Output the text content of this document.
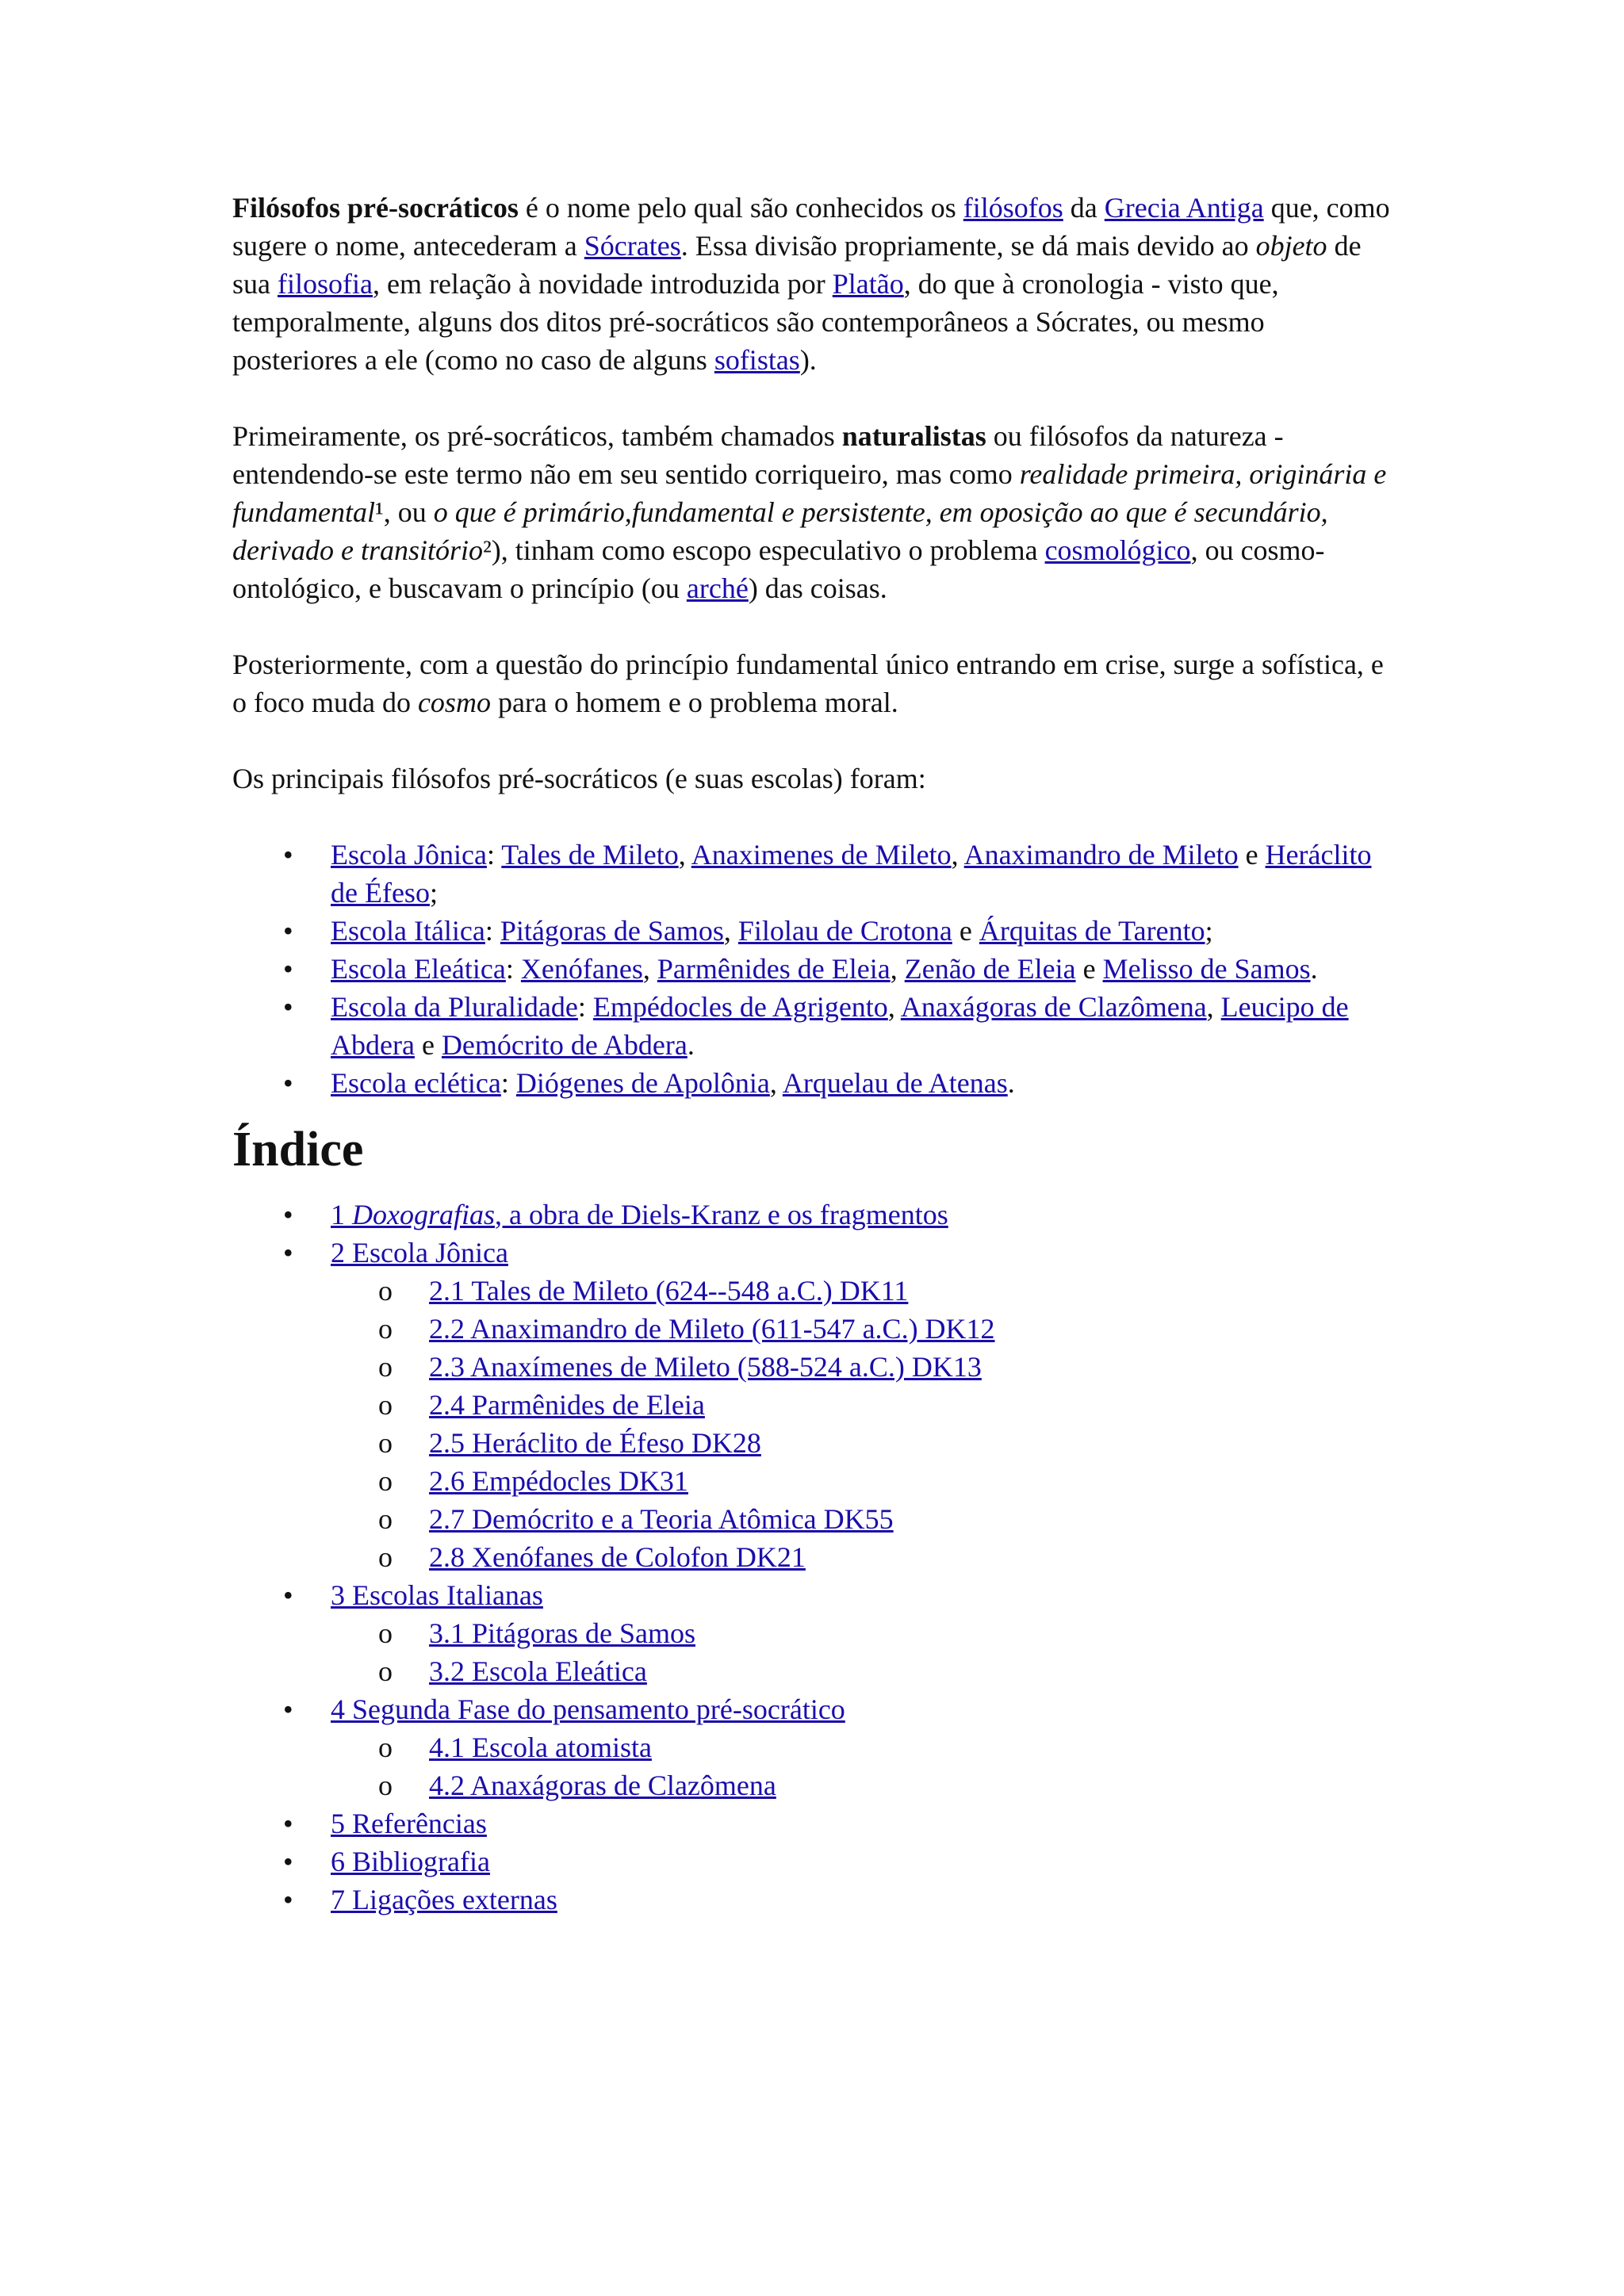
Filósofos pré-socráticos é o nome pelo qual são conhecidos os filósofos da Grecia Antiga que, como sugere o nome, antecederam a Sócrates. Essa divisão propriamente, se dá mais devido ao objeto de sua filosofia, em relação à novidade introduzida por Platão, do que à cronologia - visto que, temporalmente, alguns dos ditos pré-socráticos são contemporâneos a Sócrates, ou mesmo posteriores a ele (como no caso de alguns sofistas).

Primeiramente, os pré-socráticos, também chamados naturalistas ou filósofos da natureza - entendendo-se este termo não em seu sentido corriqueiro, mas como realidade primeira, originária e fundamental¹, ou o que é primário,fundamental e persistente, em oposição ao que é secundário, derivado e transitório²), tinham como escopo especulativo o problema cosmológico, ou cosmo-ontológico, e buscavam o princípio (ou arché) das coisas.

Posteriormente, com a questão do princípio fundamental único entrando em crise, surge a sofística, e o foco muda do cosmo para o homem e o problema moral.

Os principais filósofos pré-socráticos (e suas escolas) foram:

• Escola Jônica: Tales de Mileto, Anaximenes de Mileto, Anaximandro de Mileto e Heráclito de Éfeso;
• Escola Itálica: Pitágoras de Samos, Filolau de Crotona e Árquitas de Tarento;
• Escola Eleática: Xenófanes, Parmênides de Eleia, Zenão de Eleia e Melisso de Samos.
• Escola da Pluralidade: Empédocles de Agrigento, Anaxágoras de Clazômena, Leucipo de Abdera e Demócrito de Abdera.
• Escola eclética: Diógenes de Apolônia, Arquelau de Atenas.
Índice
• 1 Doxografias, a obra de Diels-Kranz e os fragmentos
• 2 Escola Jônica
o 2.1 Tales de Mileto (624--548 a.C.) DK11
o 2.2 Anaximandro de Mileto (611-547 a.C.) DK12
o 2.3 Anaxímenes de Mileto (588-524 a.C.) DK13
o 2.4 Parmênides de Eleia
o 2.5 Heráclito de Éfeso DK28
o 2.6 Empédocles DK31
o 2.7 Demócrito e a Teoria Atômica DK55
o 2.8 Xenófanes de Colofon DK21
• 3 Escolas Italianas
o 3.1 Pitágoras de Samos
o 3.2 Escola Eleática
• 4 Segunda Fase do pensamento pré-socrático
o 4.1 Escola atomista
o 4.2 Anaxágoras de Clazômena
• 5 Referências
• 6 Bibliografia
• 7 Ligações externas
